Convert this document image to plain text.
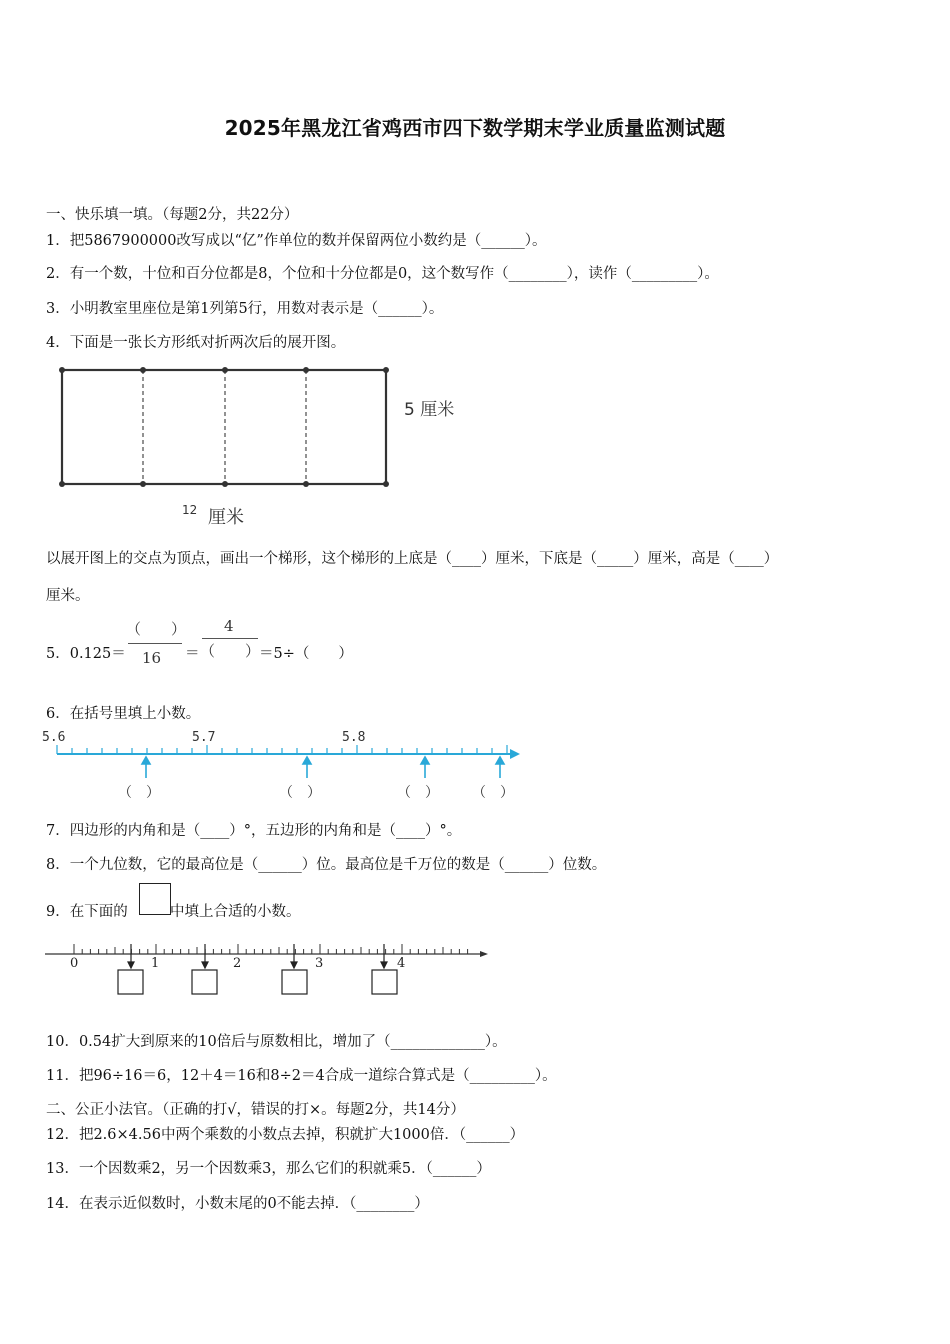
2025年黑龙江省鸡西市四下数学期末学业质量监测试题
一、快乐填一填。（每题2分，共22分）
1．把5867900000改写成以“亿”作单位的数并保留两位小数约是（______）。
2．有一个数，十位和百分位都是8，个位和十分位都是0，这个数写作（________），读作（_________）。
3．小明教室里座位是第1列第5行，用数对表示是（______）。
4．下面是一张长方形纸对折两次后的展开图。
5 厘米
12 厘米
以展开图上的交点为顶点，画出一个梯形，这个梯形的上底是（____）厘米，下底是（_____）厘米，高是（____）
厘米。
5．0.125＝
（　　）
16 ＝
4
（　　）
＝5÷（　　）
6．在括号里填上小数。
5.6	5.7	5.8
（　）	（　）	（　） （　）
7．四边形的内角和是（____）°，五边形的内角和是（____）°。
8．一个九位数，它的最高位是（______）位。最高位是千万位的数是（______）位数。
9．在下面的	中填上合适的小数。
0	1	2	3	4
10．0.54扩大到原来的10倍后与原数相比，增加了（_____________）。
11．把96÷16＝6，12＋4＝16和8÷2＝4合成一道综合算式是（_________）。
二、公正小法官。（正确的打√，错误的打×。每题2分，共14分）
12．把2.6×4.56中两个乘数的小数点去掉，积就扩大1000倍．（______）
13．一个因数乘2，另一个因数乘3，那么它们的积就乘5．（______）
14．在表示近似数时，小数末尾的0不能去掉．（________）
